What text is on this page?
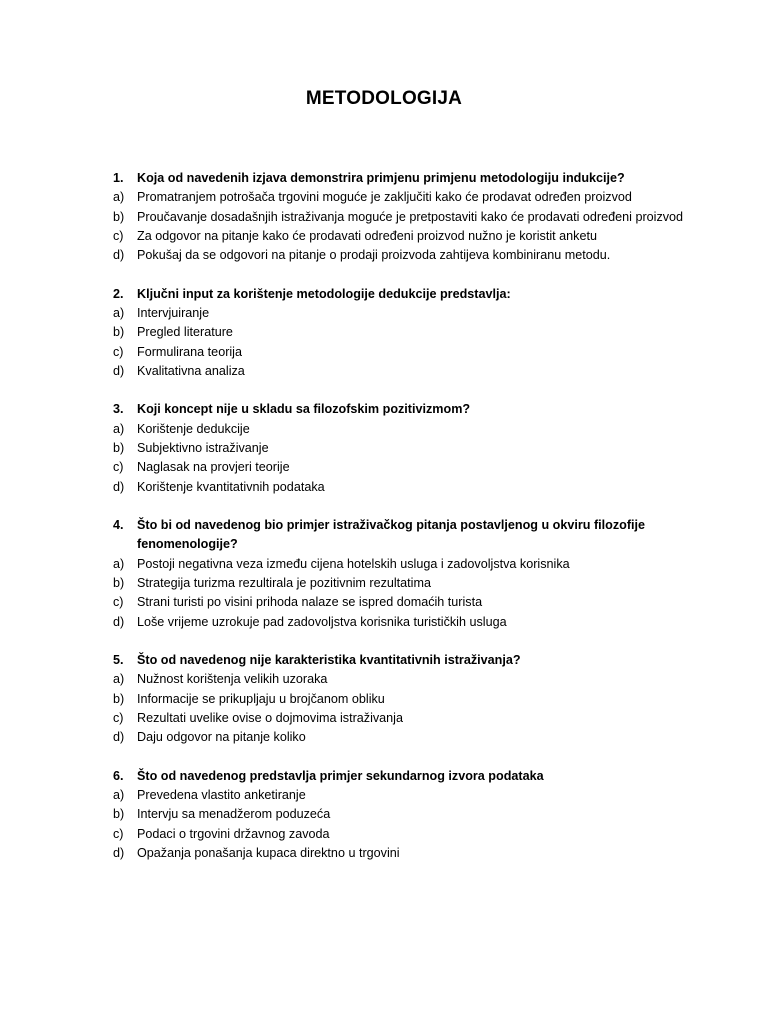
METODOLOGIJA
1.	Koja od navedenih izjava demonstrira primjenu primjenu metodologiju indukcije?
a)	Promatranjem potrošača trgovini moguće je zaključiti kako će prodavat određen proizvod
b)	Proučavanje dosadašnjih istraživanja moguće je pretpostaviti kako će prodavati određeni proizvod
c)	Za odgovor na pitanje kako će prodavati određeni proizvod nužno je koristit anketu
d)	Pokušaj da se odgovori na pitanje o prodaji proizvoda zahtijeva kombiniranu metodu.
2.	Ključni input za korištenje metodologije dedukcije predstavlja:
a)	Intervjuiranje
b)	Pregled literature
c)	Formulirana teorija
d)	Kvalitativna analiza
3.	Koji koncept nije u skladu sa filozofskim pozitivizmom?
a)	Korištenje dedukcije
b)	Subjektivno istraživanje
c)	Naglasak na provjeri teorije
d)	Korištenje kvantitativnih podataka
4.	Što bi od navedenog bio primjer istraživačkog pitanja postavljenog u okviru filozofije fenomenologije?
a)	Postoji negativna veza između cijena hotelskih usluga i zadovoljstva korisnika
b)	Strategija turizma rezultirala je pozitivnim rezultatima
c)	Strani turisti po visini prihoda nalaze se ispred domaćih turista
d)	Loše vrijeme uzrokuje pad zadovoljstva korisnika turističkih usluga
5.	Što od navedenog nije karakteristika kvantitativnih istraživanja?
a)	Nužnost korištenja velikih uzoraka
b)	Informacije se prikupljaju u brojčanom obliku
c)	Rezultati uvelike ovise o dojmovima istraživanja
d)	Daju odgovor na pitanje koliko
6.	Što od navedenog predstavlja primjer sekundarnog izvora podataka
a)	Prevedena vlastito anketiranje
b)	Intervju sa menadžerom poduzeća
c)	Podaci o trgovini državnog zavoda
d)	Opažanja ponašanja kupaca direktno u trgovini
